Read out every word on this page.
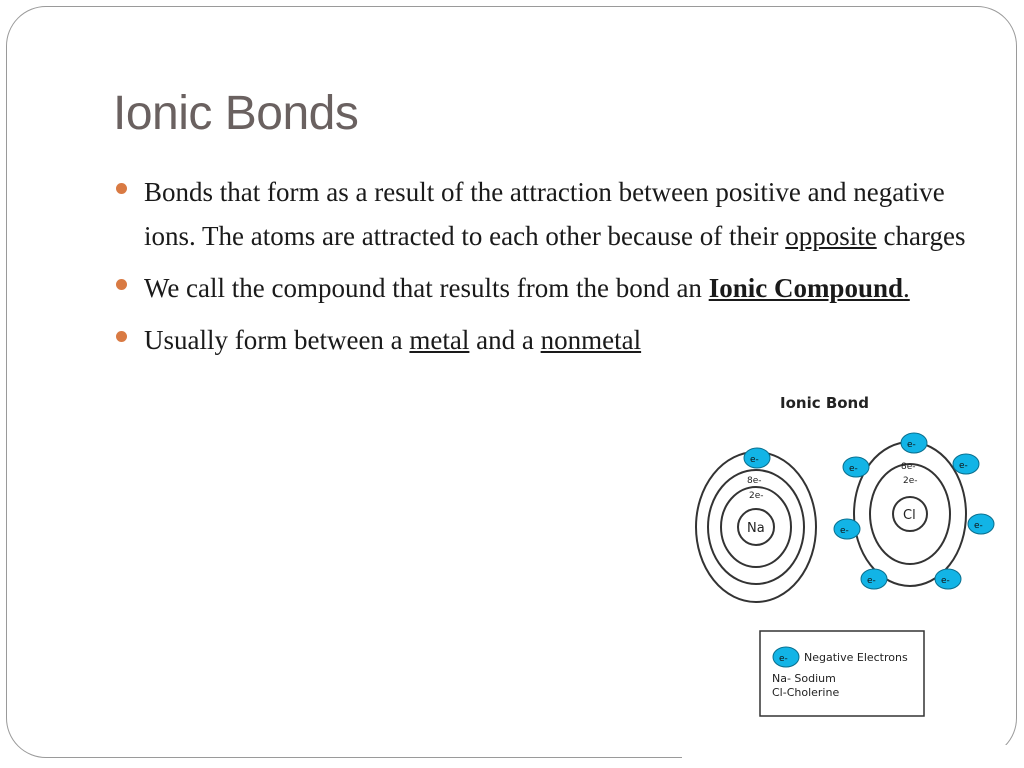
Ionic Bonds
Bonds that form as a result of the attraction between positive and negative ions. The atoms are attracted to each other because of their opposite charges
We call the compound that results from the bond an Ionic Compound.
Usually form between a metal and a nonmetal
Ionic Bond
Na
8e-
2e-
Cl
8e-
2e-
e-
e-
e-	e-
e-	e-
e-	e-
e- Negative Electrons
Na- Sodium
Cl-Cholerine
